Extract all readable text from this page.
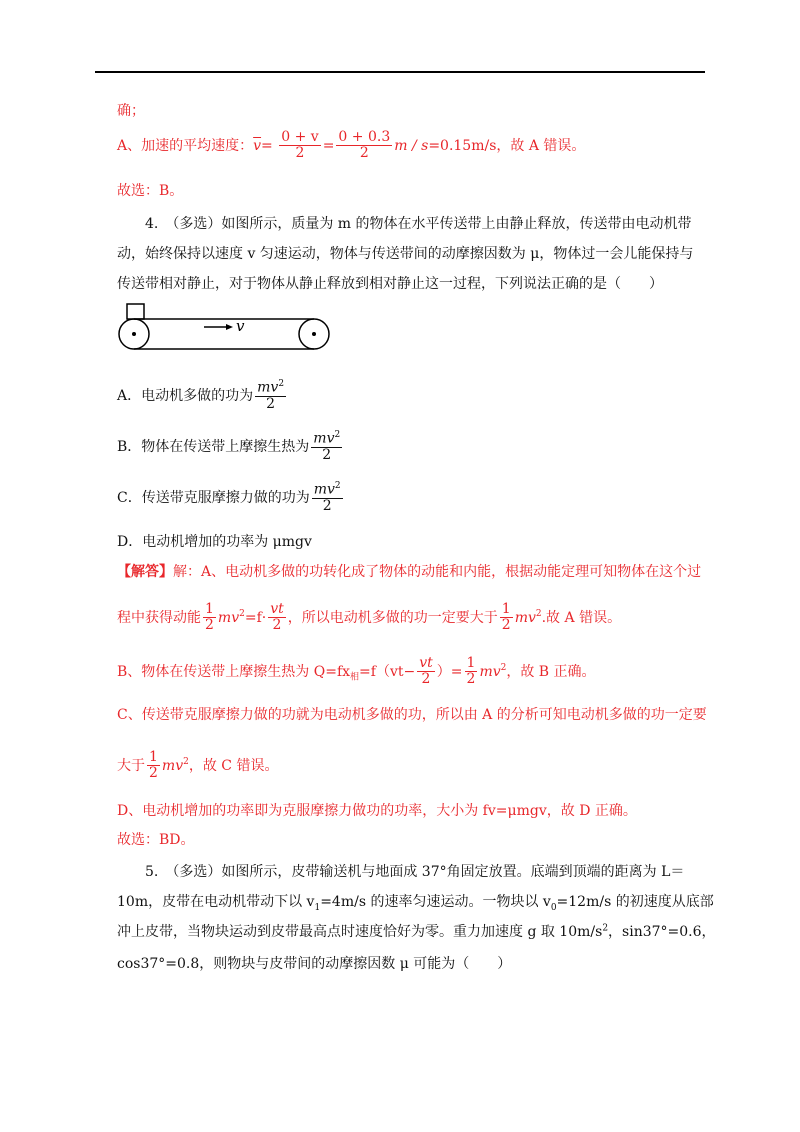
确；
A、加速的平均速度：$\overline{v}= \frac{0 + v}{2} = \frac{0 + 0.3}{2}$ m / s=0.15m/s，故 A 错误。
故选：B。
4.　（多选）如图所示，质量为 m 的物体在水平传送带上由静止释放，传送带由电动机带
动，始终保持以速度 v 匀速运动，物体与传送带间的动摩擦因数为 μ，物体过一会儿能保持与
传送带相对静止，对于物体从静止释放到相对静止这一过程，下列说法正确的是（　　）
v
A．电动机多做的功为 $\frac{mv^2}{2}$
B．物体在传送带上摩擦生热为 $\frac{mv^2}{2}$
C．传送带克服摩擦力做的功为 $\frac{mv^2}{2}$
D．电动机增加的功率为 μmgv
【解答】解：A、电动机多做的功转化成了物体的动能和内能，根据动能定理可知物体在这个过
程中获得动能 $\frac{1}{2} mv^2=f\cdot \frac{vt}{2}$ ，所以电动机多做的功一定要大于 $\frac{1}{2} mv^2$.故 A 错误。
B、物体在传送带上摩擦生热为 $Q=fx_相=f(vt- \frac{vt}{2}$ ）= $\frac{1}{2} mv^2$，故 B 正确。
C、传送带克服摩擦力做的功就为电动机多做的功，所以由 A 的分析可知电动机多做的功一定要
大于 $\frac{1}{2} mv^2$，故 C 错误。
D、电动机增加的功率即为克服摩擦力做功的功率，大小为 fv=μmgv，故 D 正确。
故选：BD。
5.　（多选）如图所示，皮带输送机与地面成 37°角固定放置。底端到顶端的距离为 L＝
10m，皮带在电动机带动下以 $v_1=4m/s$ 的速率匀速运动。一物块以 $v_0=12m/s$ 的初速度从底部
冲上皮带，当物块运动到皮带最高点时速度恰好为零。重力加速度 g 取 $10m/s^2$，sin37°=0.6，
cos37°=0.8，则物块与皮带间的动摩擦因数 μ 可能为（　　）
